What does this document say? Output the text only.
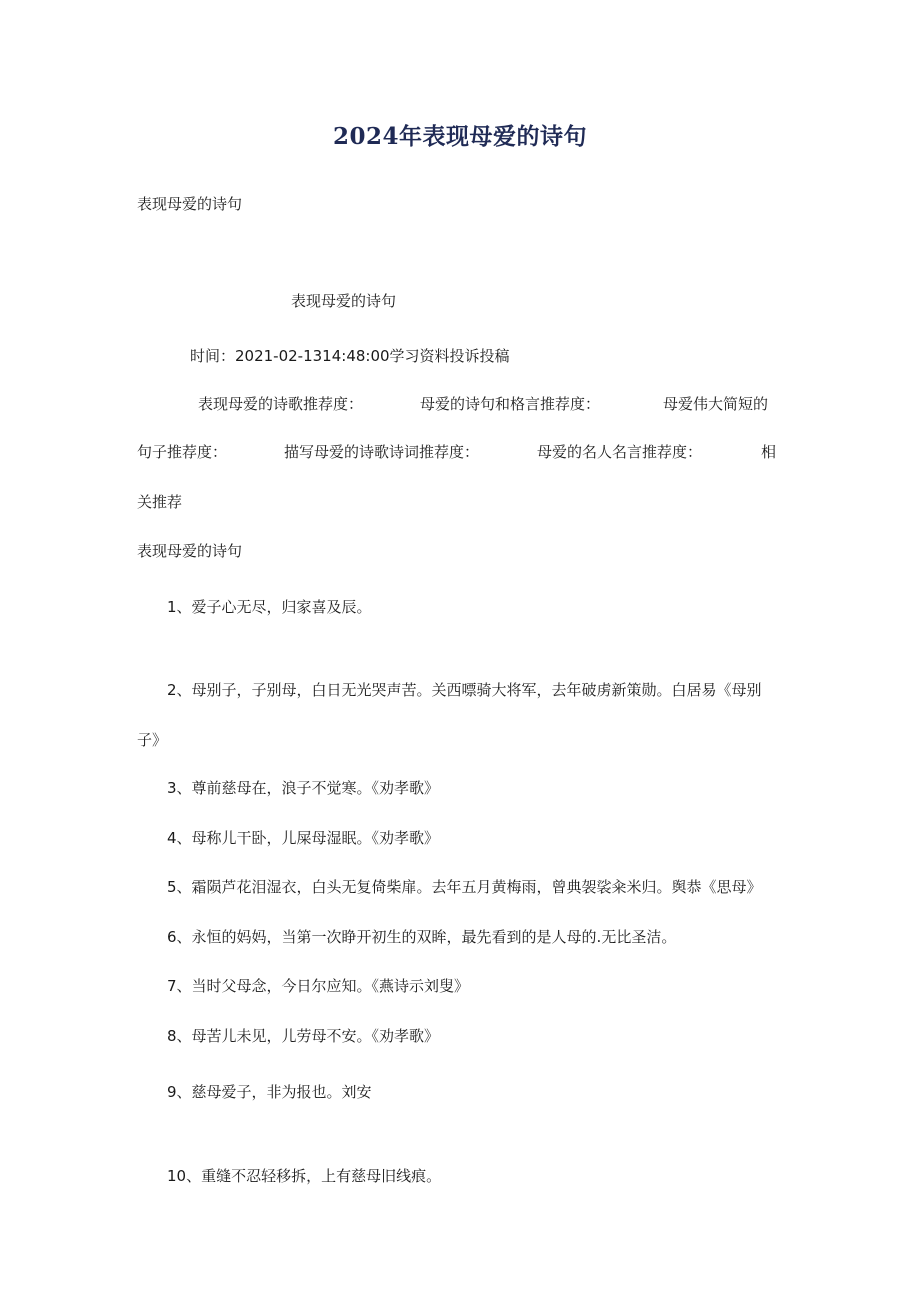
2024年表现母爱的诗句
表现母爱的诗句
表现母爱的诗句
时间：2021-02-1314:48:00学习资料投诉投稿
表现母爱的诗歌推荐度：	母爱的诗句和格言推荐度：	母爱伟大简短的
句子推荐度：	描写母爱的诗歌诗词推荐度：	母爱的名人名言推荐度：	相
关推荐
表现母爱的诗句
1、爱子心无尽，归家喜及辰。
2、母别子，子别母，白日无光哭声苦。关西嘌骑大将军，去年破虏新策勋。白居易《母别
子》
3、尊前慈母在，浪子不觉寒。《劝孝歌》
4、母称儿干卧，儿屎母湿眠。《劝孝歌》
5、霜陨芦花泪湿衣，白头无复倚柴扉。去年五月黄梅雨，曾典袈裟籴米归。舆恭《思母》
6、永恒的妈妈，当第一次睁开初生的双眸，最先看到的是人母的.无比圣洁。
7、当时父母念，今日尔应知。《燕诗示刘叟》
8、母苦儿未见，儿劳母不安。《劝孝歌》
9、慈母爱子，非为报也。刘安
10、重缝不忍轻移拆，上有慈母旧线痕。
